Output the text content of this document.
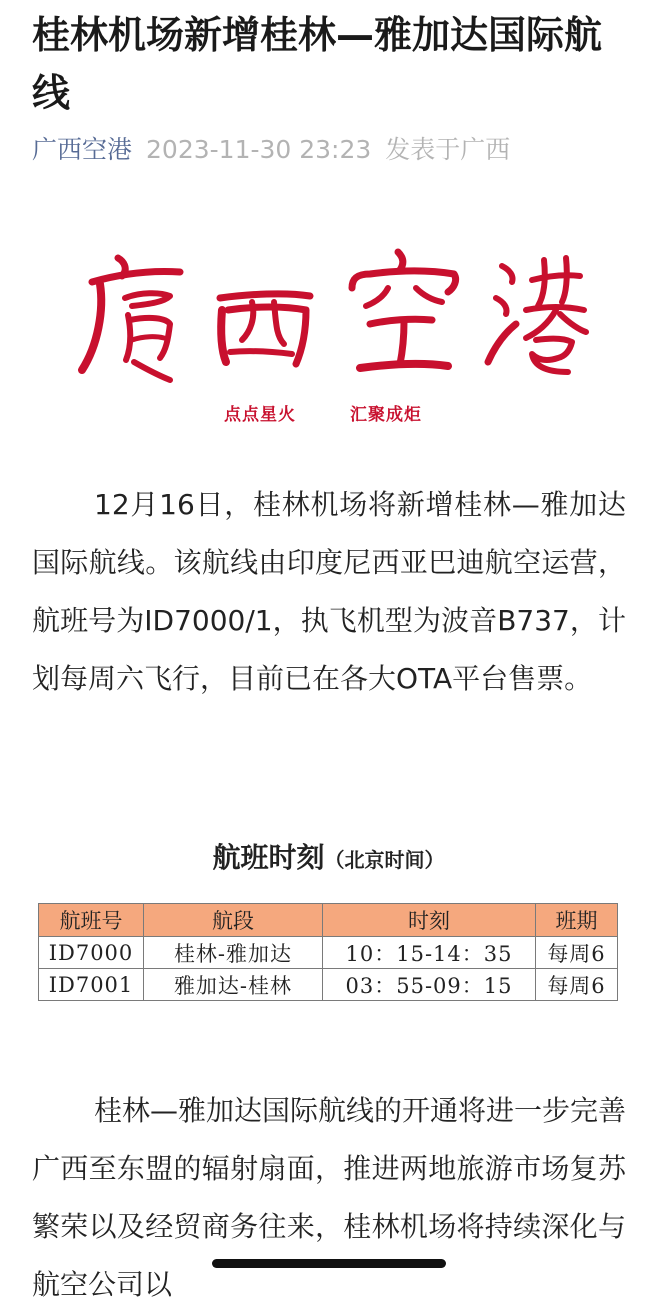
桂林机场新增桂林—雅加达国际航线
广西空港 2023-11-30 23:23 发表于广西
点点星火	汇聚成炬

12月16日，桂林机场将新增桂林—雅加达国际航线。该航线由印度尼西亚巴迪航空运营，航班号为ID7000/1，执飞机型为波音B737，计划每周六飞行，目前已在各大OTA平台售票。

航班时刻（北京时间）
航班号	航段	时刻	班期
ID7000	桂林-雅加达	10：15-14：35	每周6
ID7001	雅加达-桂林	03：55-09：15	每周6

桂林—雅加达国际航线的开通将进一步完善广西至东盟的辐射扇面，推进两地旅游市场复苏繁荣以及经贸商务往来，桂林机场将持续深化与航空公司以
